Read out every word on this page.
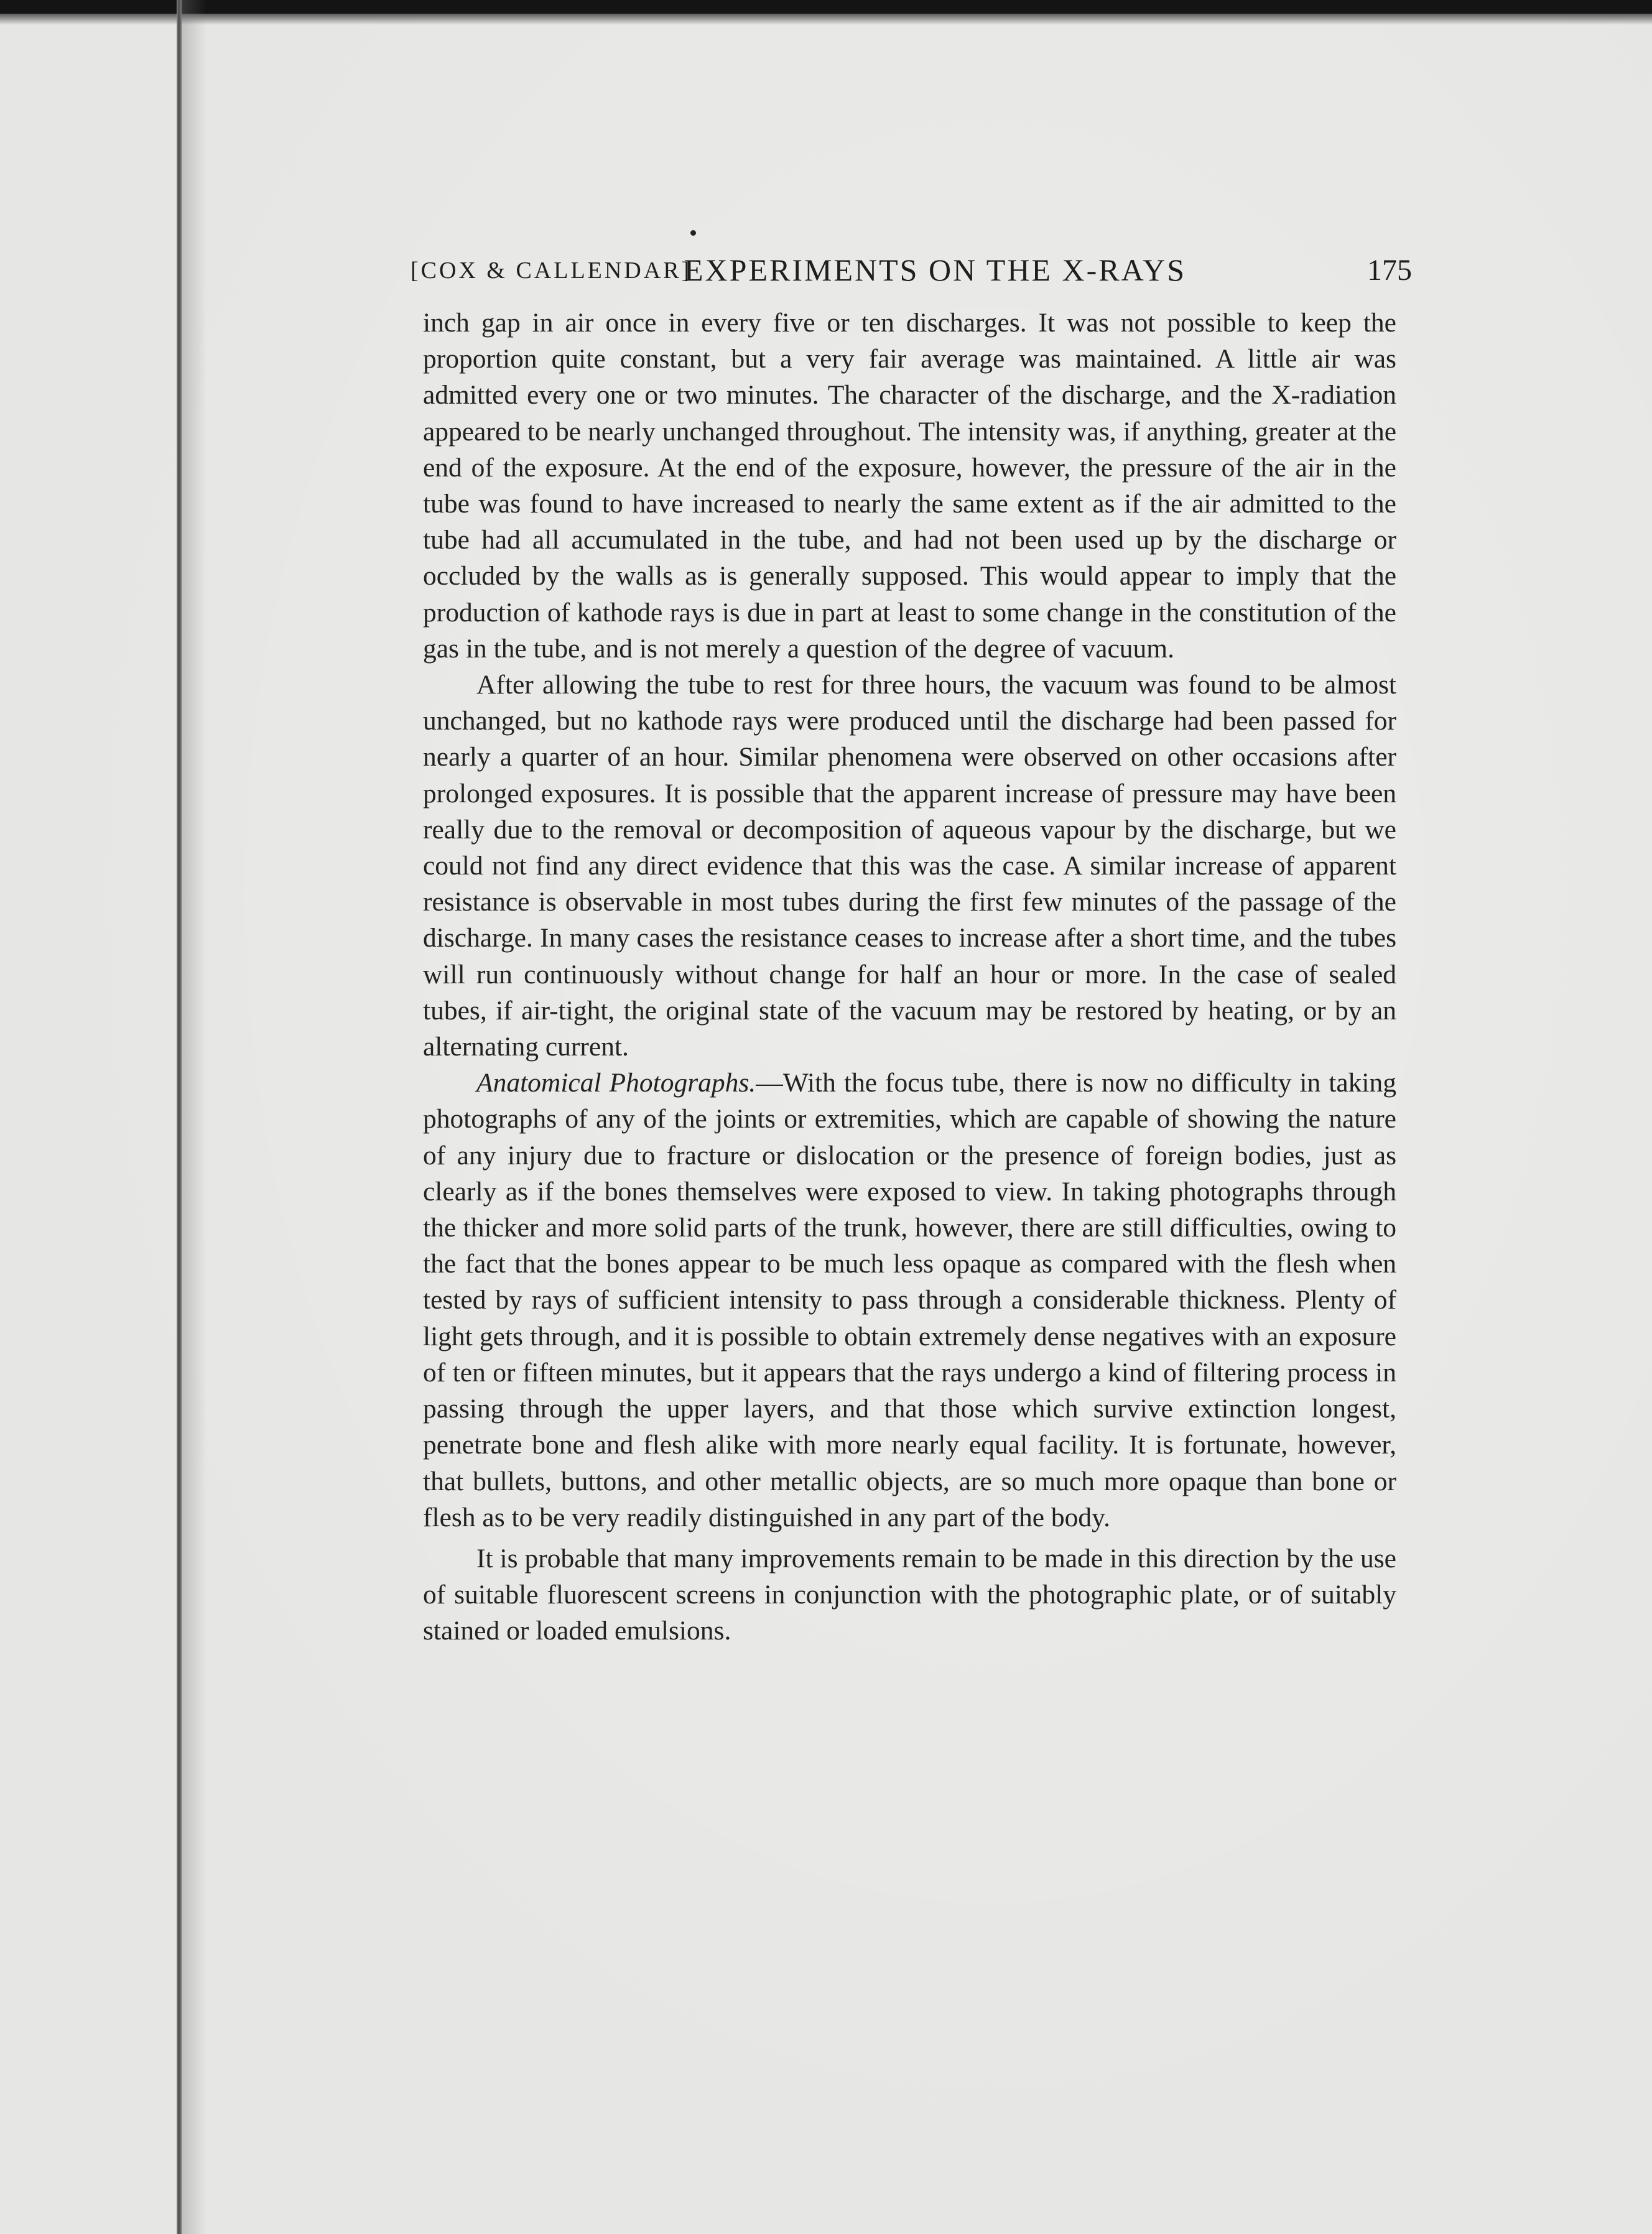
[COX & CALLENDAR]
EXPERIMENTS ON THE X-RAYS	175

inch gap in air once in every five or ten discharges. It was not possible to keep the proportion quite constant, but a very fair average was maintained. A little air was admitted every one or two minutes. The character of the discharge, and the X-radiation appeared to be nearly unchanged throughout. The intensity was, if anything, greater at the end of the exposure. At the end of the exposure, however, the pressure of the air in the tube was found to have increased to nearly the same extent as if the air admitted to the tube had all accumulated in the tube, and had not been used up by the discharge or occluded by the walls as is generally supposed. This would appear to imply that the production of kathode rays is due in part at least to some change in the constitution of the gas in the tube, and is not merely a question of the degree of vacuum.

After allowing the tube to rest for three hours, the vacuum was found to be almost unchanged, but no kathode rays were produced until the discharge had been passed for nearly a quarter of an hour. Similar phenomena were observed on other occasions after prolonged exposures. It is possible that the apparent increase of pressure may have been really due to the removal or decomposition of aqueous vapour by the discharge, but we could not find any direct evidence that this was the case. A similar increase of apparent resistance is observable in most tubes during the first few minutes of the passage of the discharge. In many cases the resistance ceases to increase after a short time, and the tubes will run continuously without change for half an hour or more. In the case of sealed tubes, if air-tight, the original state of the vacuum may be restored by heating, or by an alternating current.

Anatomical Photographs.—With the focus tube, there is now no difficulty in taking photographs of any of the joints or extremities, which are capable of showing the nature of any injury due to fracture or dislocation or the presence of foreign bodies, just as clearly as if the bones themselves were exposed to view. In taking photographs through the thicker and more solid parts of the trunk, however, there are still difficulties, owing to the fact that the bones appear to be much less opaque as compared with the flesh when tested by rays of sufficient intensity to pass through a considerable thickness. Plenty of light gets through, and it is possible to obtain extremely dense negatives with an exposure of ten or fifteen minutes, but it appears that the rays undergo a kind of filtering process in passing through the upper layers, and that those which survive extinction longest, penetrate bone and flesh alike with more nearly equal facility. It is fortunate, however, that bullets, buttons, and other metallic objects, are so much more opaque than bone or flesh as to be very readily distinguished in any part of the body.

It is probable that many improvements remain to be made in this direction by the use of suitable fluorescent screens in conjunction with the photographic plate, or of suitably stained or loaded emulsions.
